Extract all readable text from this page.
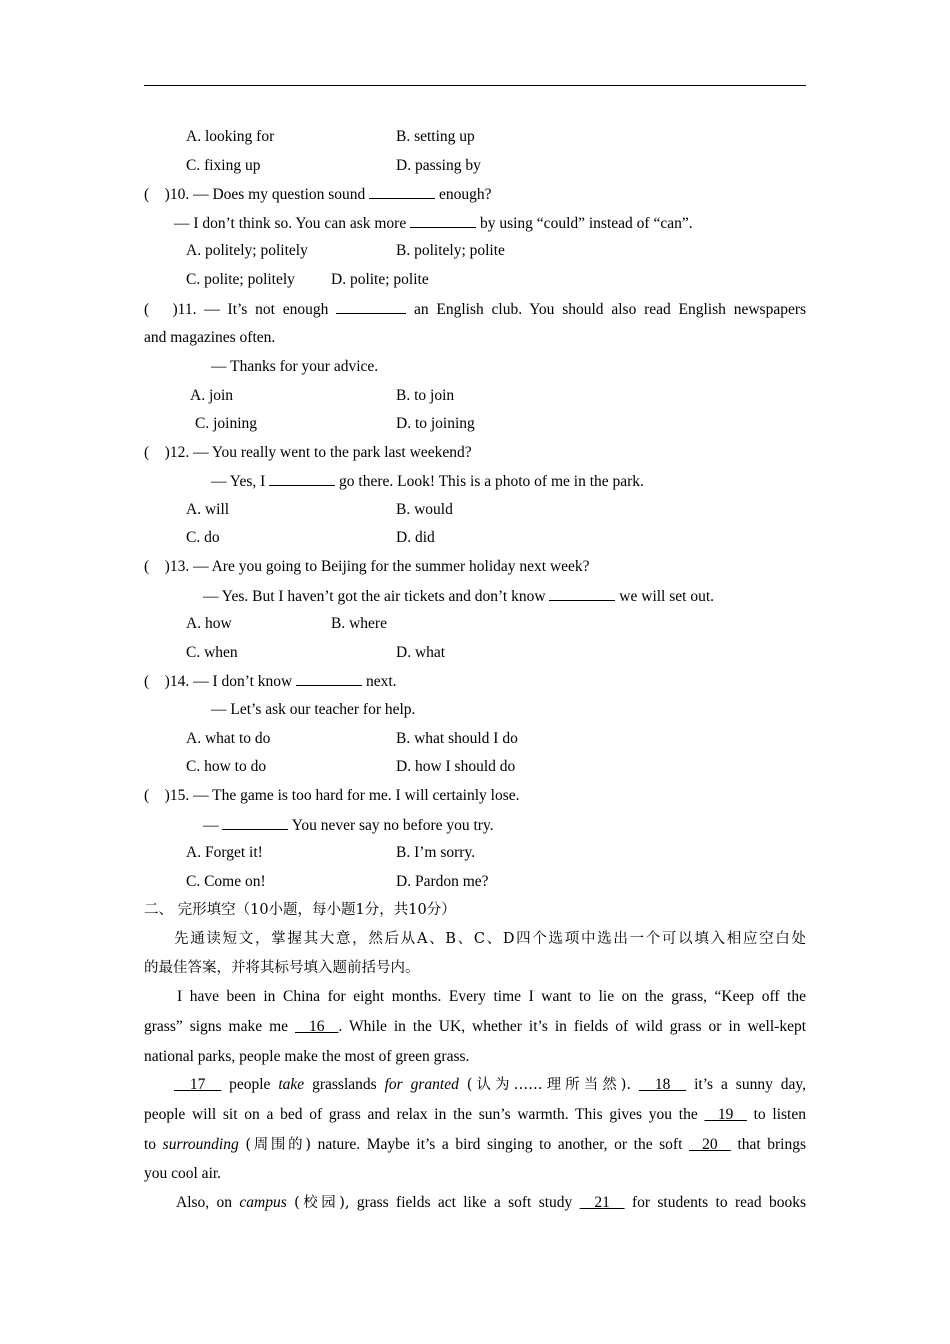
A. looking for	B. setting up
C. fixing up	D. passing by
(　)10. — Does my question sound	enough?
— I don’t think so. You can ask more	by using “could” instead of “can”.
A. politely; politely	B. politely; polite
C. polite; politely D. polite; polite
(　)11. — It’s not enough	an English club. You should also read English newspapers
and magazines often.
— Thanks for your advice.
A. join	B. to join
C. joining	D. to joining
(　)12. — You really went to the park last weekend?
— Yes, I	go there. Look! This is a photo of me in the park.
A. will	B. would
C. do	D. did
(　)13. — Are you going to Beijing for the summer holiday next week?
— Yes. But I haven’t got the air tickets and don’t know	we will set out.
A. how	B. where
C. when	D. what
(　)14. — I don’t know	next.
— Let’s ask our teacher for help.
A. what to do	B. what should I do
C. how to do	D. how I should do
(　)15. — The game is too hard for me. I will certainly lose.
—	You never say no before you try.
A. Forget it!	B. I’m sorry.
C. Come on!	D. Pardon me?
二、 完形填空（10小题，每小题1分，共10分）
先通读短文，掌握其大意，然后从A、B、C、D四个选项中选出一个可以填入相应空白处
的最佳答案，并将其标号填入题前括号内。
I have been in China for eight months. Every time I want to lie on the grass, “Keep off the
grass” signs make me   16  . While in the UK, whether it’s in fields of wild grass or in well-kept
national parks, people make the most of green grass.
17   people take grasslands for granted (认为……理所当然).   18   it’s a sunny day,
people will sit on a bed of grass and relax in the sun’s warmth. This gives you the   19   to listen
to surrounding (周围的) nature. Maybe it’s a bird singing to another, or the soft   20   that brings
you cool air.
Also, on campus (校园), grass fields act like a soft study   21   for students to read books
